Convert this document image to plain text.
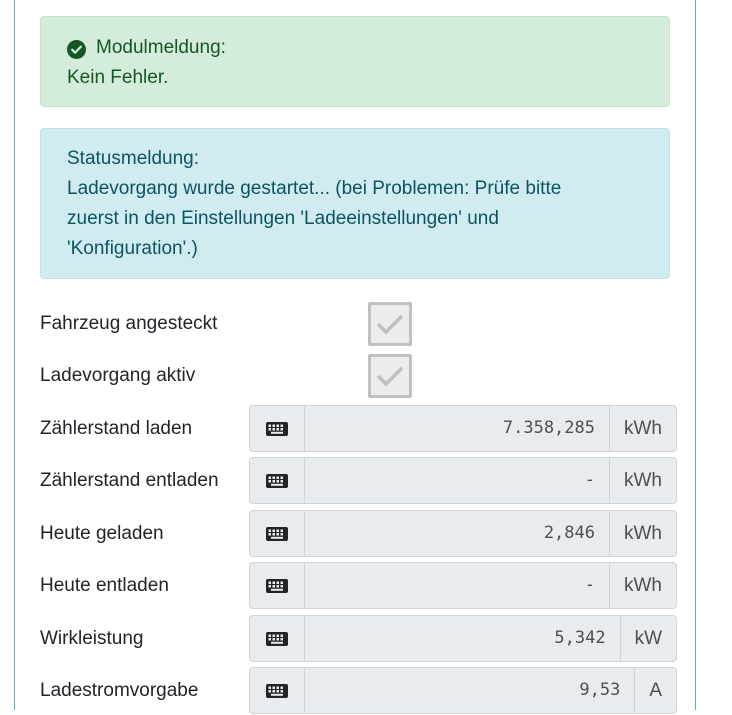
Modulmeldung:
Kein Fehler.
Statusmeldung:
Ladevorgang wurde gestartet... (bei Problemen: Prüfe bitte
zuerst in den Einstellungen 'Ladeeinstellungen' und
'Konfiguration'.)
Fahrzeug angesteckt
Ladevorgang aktiv
Zählerstand laden	7.358,285	kWh
Zählerstand entladen	-	kWh
Heute geladen	2,846	kWh
Heute entladen	-	kWh
Wirkleistung	5,342	kW
Ladestromvorgabe	9,53	A
